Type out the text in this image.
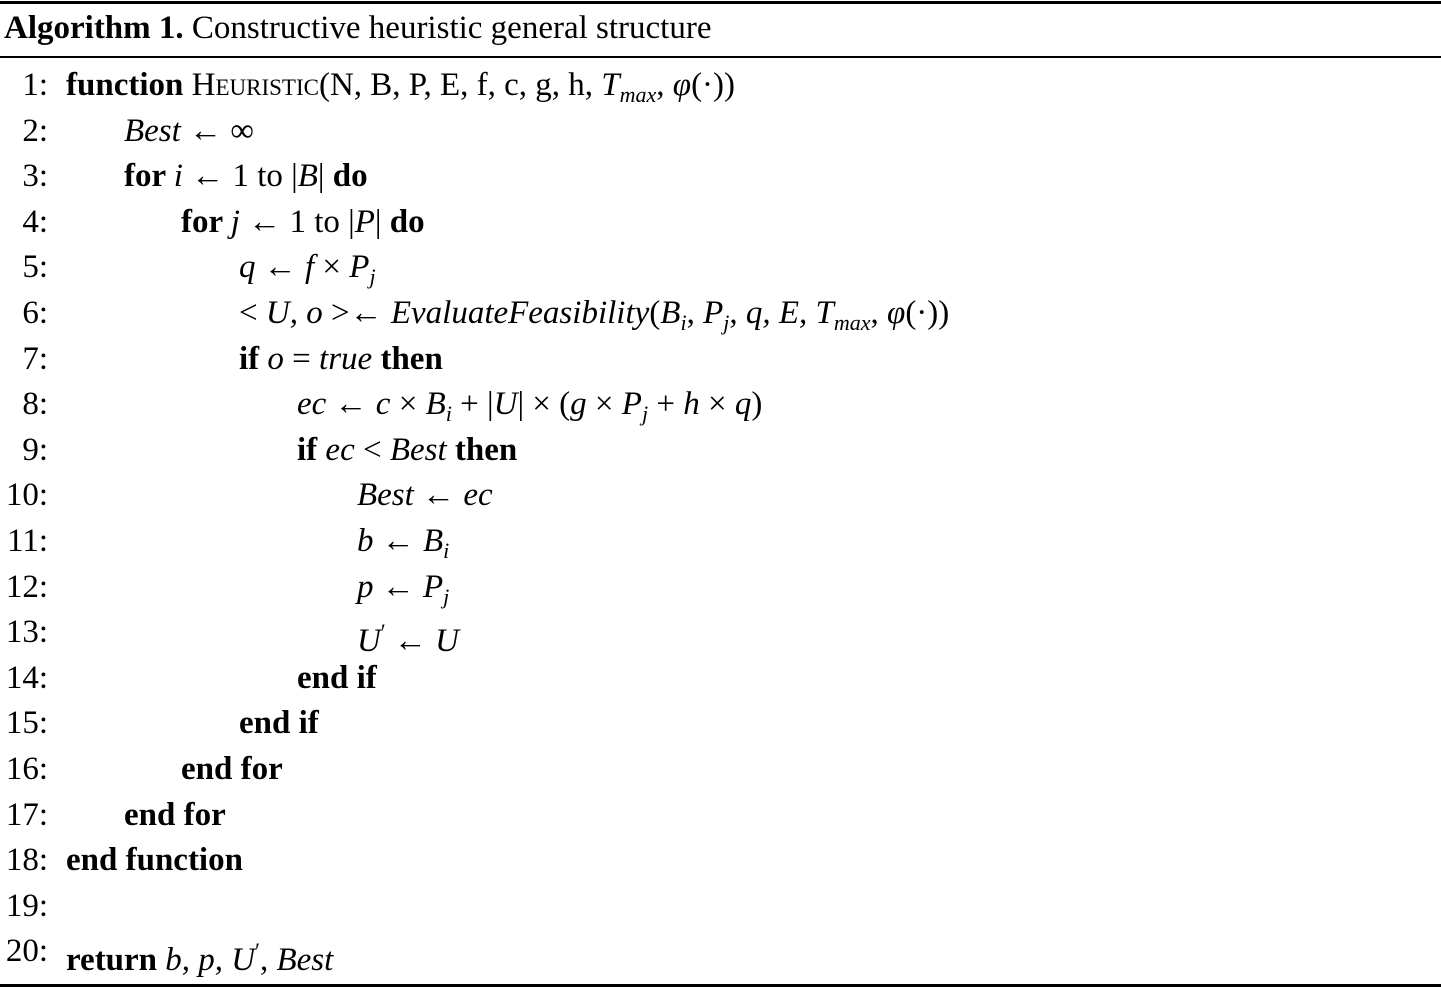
Algorithm 1. Constructive heuristic general structure
1: function Heuristic(N, B, P, E, f, c, g, h, $T_{max}$, φ(·))
2: Best ← ∞
3: for i ← 1 to |B| do
4:	for j ← 1 to |P| do
5:	q ← $f \times P_j$
6:	< U, o >← $EvaluateFeasibility(B_i$, $P_j$, q, E, $T_{max}$, φ(·))
7:	if o = true then
8:	ec ← $c \times B_i + |U| \times (g \times P_j + h \times q)$
9:	if ec < Best then
10:	Best ← ec
11:	b ← $B_i$
12:	p ← $P_j$
13:	U′ ← U
14:	end if
15:	end if
16:	end for
17: end for
18: end function
19:
20: return b, p, U′, Best
